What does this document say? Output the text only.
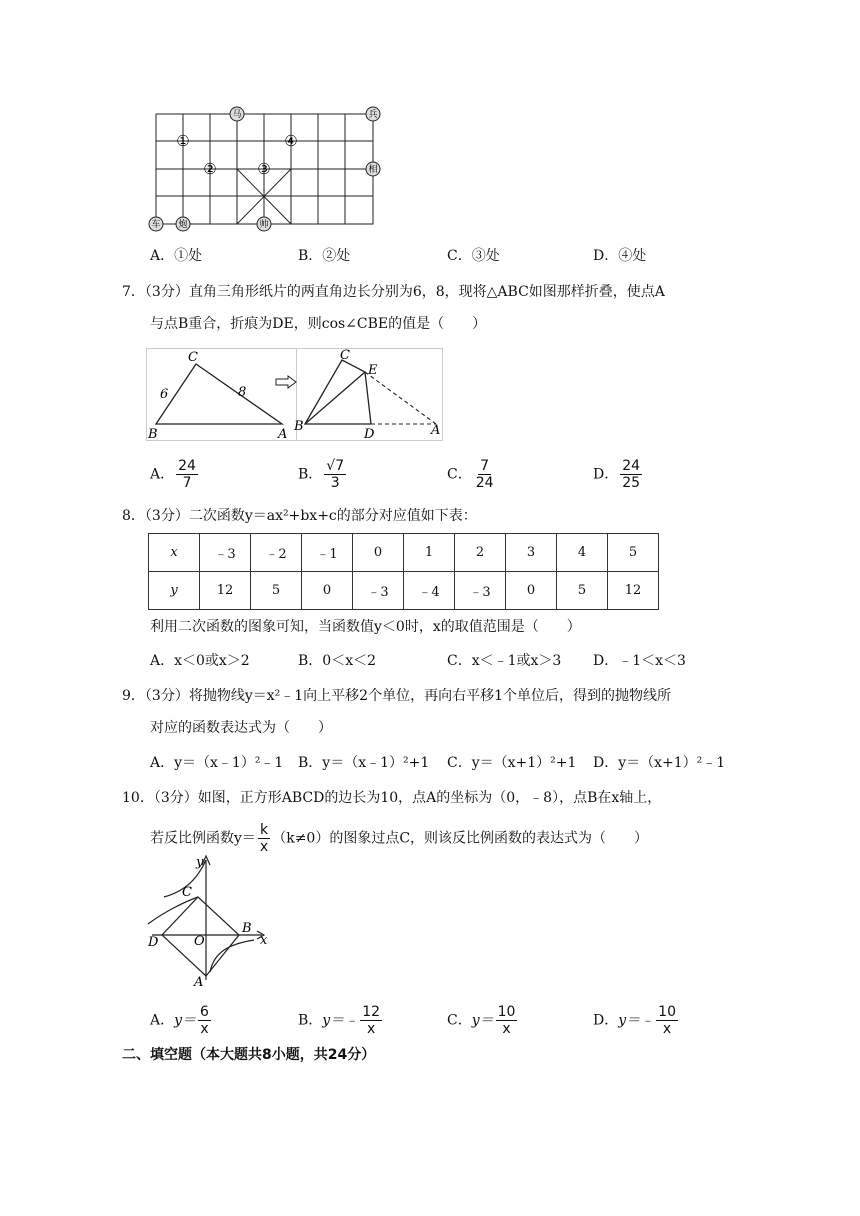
马	兵
相
车 炮	帅
①
②	③
④
A．①处	B．②处	C．③处	D．④处
7．（3分）直角三角形纸片的两直角边长分别为6，8，现将△ABC如图那样折叠，使点A
与点B重合，折痕为DE，则cos∠CBE的值是（　　）
C
B	A
6	8
C
E
B
D	A
A． $\frac{24}{7}$	B． $\frac{√7}{3}$	C． $\frac{7}{24}$	D． $\frac{24}{25}$
8．（3分）二次函数y＝ax²+bx+c的部分对应值如下表：
x	﹣3	﹣2	﹣1	0	1	2	3	4	5
y	12	5	0	﹣3	﹣4	﹣3	0	5	12
利用二次函数的图象可知，当函数值y＜0时，x的取值范围是（　　）
A．x＜0或x＞2	B．0＜x＜2	C．x＜﹣1或x＞3 D．﹣1＜x＜3
9．（3分）将抛物线y＝x²﹣1向上平移2个单位，再向右平移1个单位后，得到的抛物线所
对应的函数表达式为（　　）
A．y＝（x﹣1）²﹣1 B．y＝（x﹣1）²+1 C．y＝（x+1）²+1 D．y＝（x+1）²﹣1
10．（3分）如图，正方形ABCD的边长为10，点A的坐标为（0，﹣8），点B在x轴上，
若反比例函数$y= \frac{k}{x} (k\ne 0)$的图象过点C，则该反比例函数的表达式为（　　）
y
C
B
D	O	x
A
A．$y= \frac{6}{x}$	B．y＝﹣ $\frac{12}{x}$	C．$y= \frac{10}{x}$	D．y＝﹣ $\frac{10}{x}$
二、填空题（本大题共8小题，共24分）
